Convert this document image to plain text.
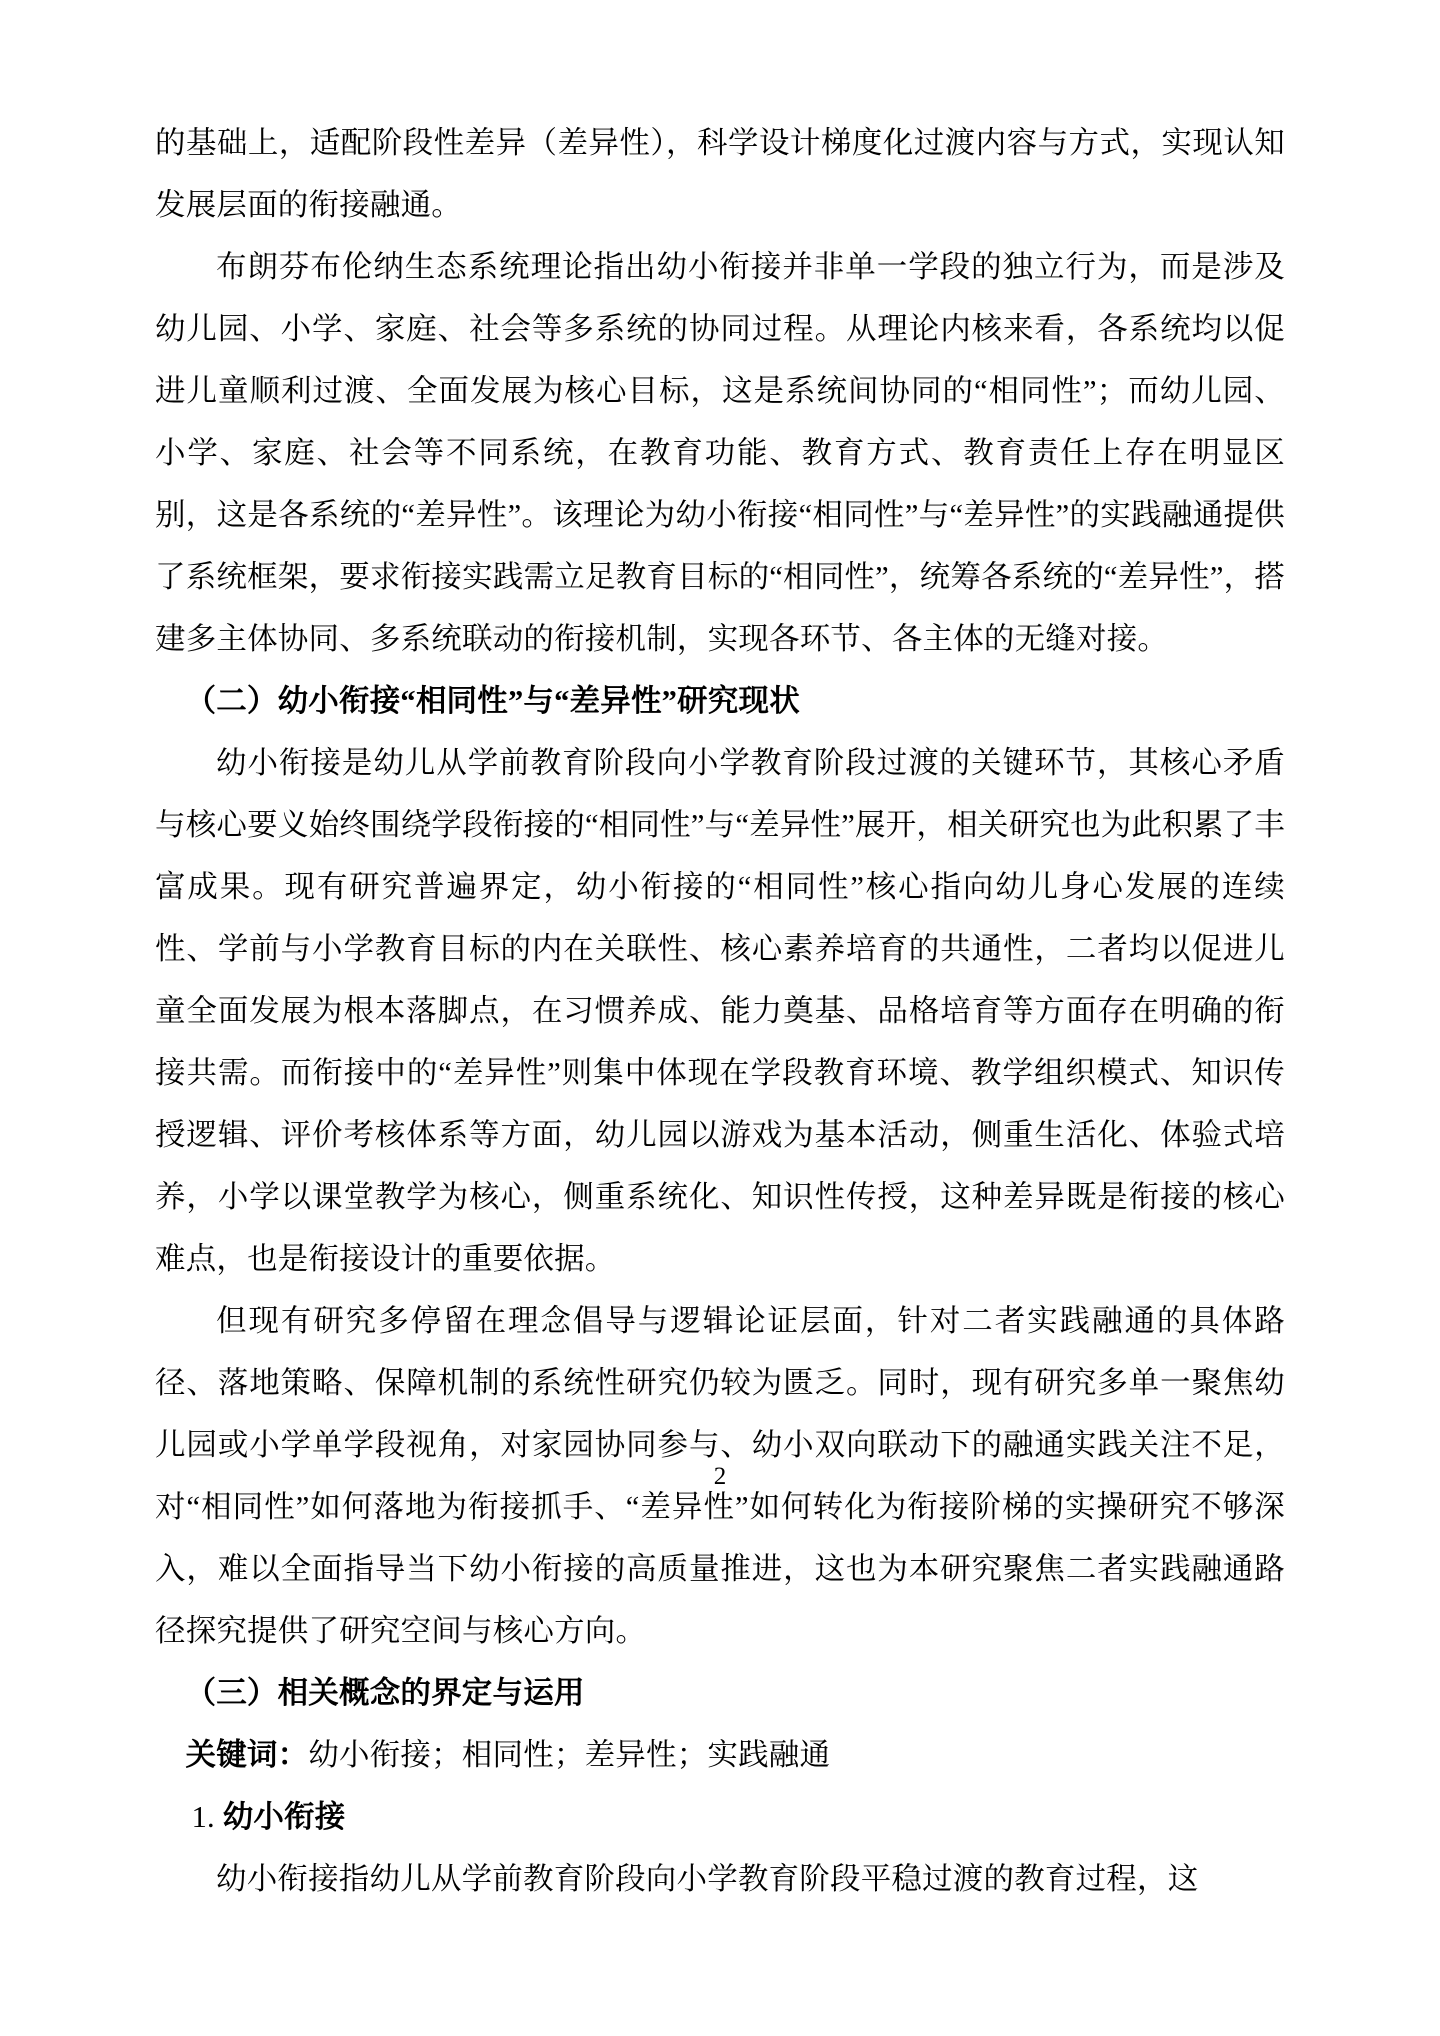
的基础上，适配阶段性差异（差异性），科学设计梯度化过渡内容与方式，实现认知发展层面的衔接融通。

布朗芬布伦纳生态系统理论指出幼小衔接并非单一学段的独立行为，而是涉及幼儿园、小学、家庭、社会等多系统的协同过程。从理论内核来看，各系统均以促进儿童顺利过渡、全面发展为核心目标，这是系统间协同的“相同性”；而幼儿园、小学、家庭、社会等不同系统，在教育功能、教育方式、教育责任上存在明显区别，这是各系统的“差异性”。该理论为幼小衔接“相同性”与“差异性”的实践融通提供了系统框架，要求衔接实践需立足教育目标的“相同性”，统筹各系统的“差异性”，搭建多主体协同、多系统联动的衔接机制，实现各环节、各主体的无缝对接。

（二）幼小衔接“相同性”与“差异性”研究现状

幼小衔接是幼儿从学前教育阶段向小学教育阶段过渡的关键环节，其核心矛盾与核心要义始终围绕学段衔接的“相同性”与“差异性”展开，相关研究也为此积累了丰富成果。现有研究普遍界定，幼小衔接的“相同性”核心指向幼儿身心发展的连续性、学前与小学教育目标的内在关联性、核心素养培育的共通性，二者均以促进儿童全面发展为根本落脚点，在习惯养成、能力奠基、品格培育等方面存在明确的衔接共需。而衔接中的“差异性”则集中体现在学段教育环境、教学组织模式、知识传授逻辑、评价考核体系等方面，幼儿园以游戏为基本活动，侧重生活化、体验式培养，小学以课堂教学为核心，侧重系统化、知识性传授，这种差异既是衔接的核心难点，也是衔接设计的重要依据。

但现有研究多停留在理念倡导与逻辑论证层面，针对二者实践融通的具体路径、落地策略、保障机制的系统性研究仍较为匮乏。同时，现有研究多单一聚焦幼儿园或小学单学段视角，对家园协同参与、幼小双向联动下的融通实践关注不足，对“相同性”如何落地为衔接抓手、“差异性”如何转化为衔接阶梯的实操研究不够深入，难以全面指导当下幼小衔接的高质量推进，这也为本研究聚焦二者实践融通路径探究提供了研究空间与核心方向。

（三）相关概念的界定与运用

关键词：幼小衔接；相同性；差异性；实践融通

1. 幼小衔接

幼小衔接指幼儿从学前教育阶段向小学教育阶段平稳过渡的教育过程，这

2
